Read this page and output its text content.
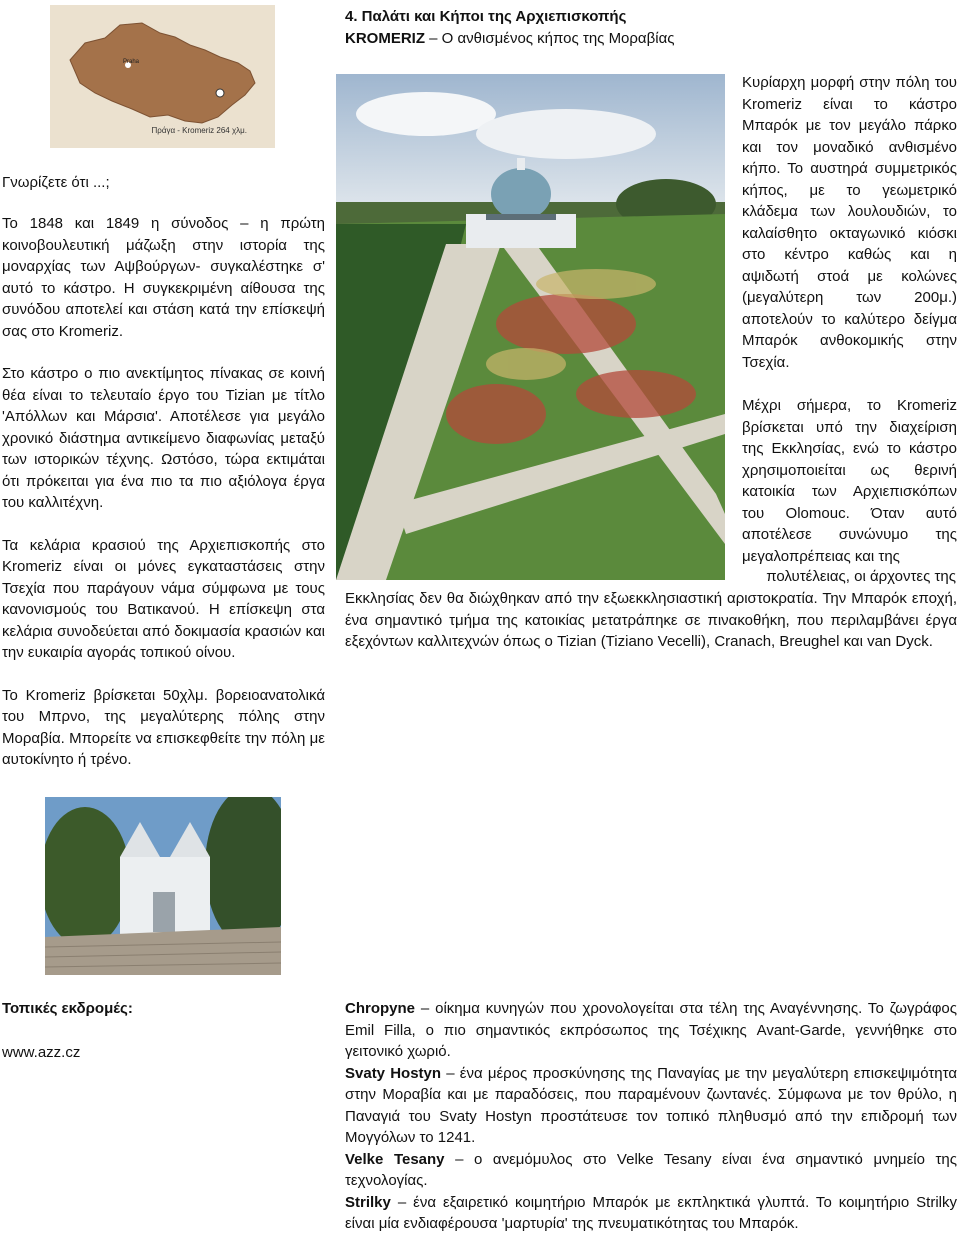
Praha
Πράγα - Kromeriz 264 χλμ.

4. Παλάτι και Κήποι της Αρχιεπισκοπής

KROMERIZ – Ο ανθισμένος κήπος της Μοραβίας

Γνωρίζετε ότι ...;

Το 1848 και 1849 η σύνοδος – η πρώτη κοινοβουλευτική μάζωξη στην ιστορία της μοναρχίας των Αψβούργων- συγκαλέστηκε σ' αυτό το κάστρο. Η συγκεκριμένη αίθουσα της συνόδου αποτελεί και στάση κατά την επίσκεψή σας στο Kromeriz.

Στο κάστρο ο πιο ανεκτίμητος πίνακας σε κοινή θέα είναι το τελευταίο έργο του Tizian με τίτλο 'Απόλλων και Μάρσια'. Αποτέλεσε για μεγάλο χρονικό διάστημα αντικείμενο διαφωνίας μεταξύ των ιστορικών τέχνης. Ωστόσο, τώρα εκτιμάται ότι πρόκειται για ένα πιο τα πιο αξιόλογα έργα του καλλιτέχνη.

Τα κελάρια κρασιού της Αρχιεπισκοπής στο Kromeriz είναι οι μόνες εγκαταστάσεις στην Τσεχία που παράγουν νάμα σύμφωνα με τους κανονισμούς του Βατικανού. Η επίσκεψη στα κελάρια συνοδεύεται από δοκιμασία κρασιών και την ευκαιρία αγοράς τοπικού οίνου.

Το Kromeriz βρίσκεται 50χλμ. βορειοανατολικά του Μπρνο, της μεγαλύτερης πόλης στην Μοραβία. Μπορείτε να επισκεφθείτε την πόλη με αυτοκίνητο ή τρένο.

Κυρίαρχη μορφή στην πόλη του Kromeriz είναι το κάστρο Μπαρόκ με τον μεγάλο πάρκο και τον μοναδικό ανθισμένο κήπο. Το αυστηρά συμμετρικός κήπος, με το γεωμετρικό κλάδεμα των λουλουδιών, το καλαίσθητο οκταγωνικό κιόσκι στο κέντρο καθώς και η αψιδωτή στοά με κολώνες (μεγαλύτερη των 200μ.) αποτελούν το καλύτερο δείγμα Μπαρόκ ανθοκομικής στην Τσεχία.
Μέχρι σήμερα, το Kromeriz βρίσκεται υπό την διαχείριση της Εκκλησίας, ενώ το κάστρο χρησιμοποιείται ως θερινή κατοικία των Αρχιεπισκόπων του Olomouc. Όταν αυτό αποτέλεσε συνώνυμο της μεγαλοπρέπειας και της
πολυτέλειας, οι άρχοντες της
Εκκλησίας δεν θα διώχθηκαν από την εξωεκκλησιαστική αριστοκρατία. Την Μπαρόκ εποχή, ένα σημαντικό τμήμα της κατοικίας μετατράπηκε σε πινακοθήκη, που περιλαμβάνει έργα εξεχόντων καλλιτεχνών όπως ο Tizian (Tiziano Vecelli), Cranach, Breughel και van Dyck.
Τοπικές εκδρομές:
www.azz.cz

Chropyne – οίκημα κυνηγών που χρονολογείται στα τέλη της Αναγέννησης. Το ζωγράφος Emil Filla, ο πιο σημαντικός εκπρόσωπος της Τσέχικης Avant-Garde, γεννήθηκε στο γειτονικό χωριό.

Svaty Hostyn – ένα μέρος προσκύνησης της Παναγίας με την μεγαλύτερη επισκεψιμότητα στην Μοραβία και με παραδόσεις, που παραμένουν ζωντανές. Σύμφωνα με τον θρύλο, η Παναγιά του Svaty Hostyn προστάτευσε τον τοπικό πληθυσμό από την επιδρομή των Μογγόλων το 1241.

Velke Tesany – ο ανεμόμυλος στο Velke Tesany είναι ένα σημαντικό μνημείο της τεχνολογίας.

Strilky – ένα εξαιρετικό κοιμητήριο Μπαρόκ με εκπληκτικά γλυπτά. Το κοιμητήριο Strilky είναι μία ενδιαφέρουσα 'μαρτυρία' της πνευματικότητας του Μπαρόκ.
